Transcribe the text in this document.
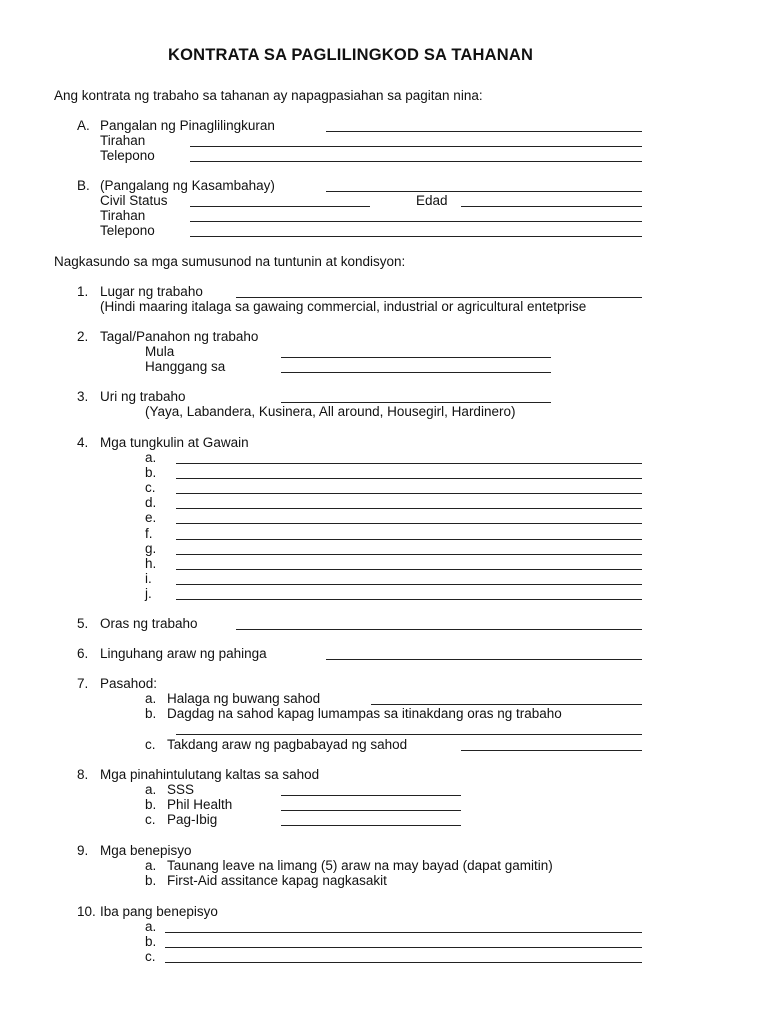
KONTRATA SA PAGLILINGKOD SA TAHANAN
Ang kontrata ng trabaho sa tahanan ay napagpasiahan sa pagitan nina:
A. Pangalan ng Pinaglilingkuran
Tirahan
Telepono
B. (Pangalang ng Kasambahay)
Civil Status	Edad
Tirahan
Telepono
Nagkasundo sa mga sumusunod na tuntunin at kondisyon:
1. Lugar ng trabaho
(Hindi maaring italaga sa gawaing commercial, industrial or agricultural entetprise
2. Tagal/Panahon ng trabaho
Mula
Hanggang sa
3. Uri ng trabaho
(Yaya, Labandera, Kusinera, All around, Housegirl, Hardinero)
4. Mga tungkulin at Gawain
a.
b.
c.
d.
e.
f.
g.
h.
i.
j.
5. Oras ng trabaho
6. Linguhang araw ng pahinga
7. Pasahod:
a. Halaga ng buwang sahod
b. Dagdag na sahod kapag lumampas sa itinakdang oras ng trabaho
c. Takdang araw ng pagbabayad ng sahod
8. Mga pinahintulutang kaltas sa sahod
a. SSS
b. Phil Health
c. Pag-Ibig
9. Mga benepisyo
a. Taunang leave na limang (5) araw na may bayad (dapat gamitin)
b. First-Aid assitance kapag nagkasakit
10. Iba pang benepisyo
a.
b.
c.
